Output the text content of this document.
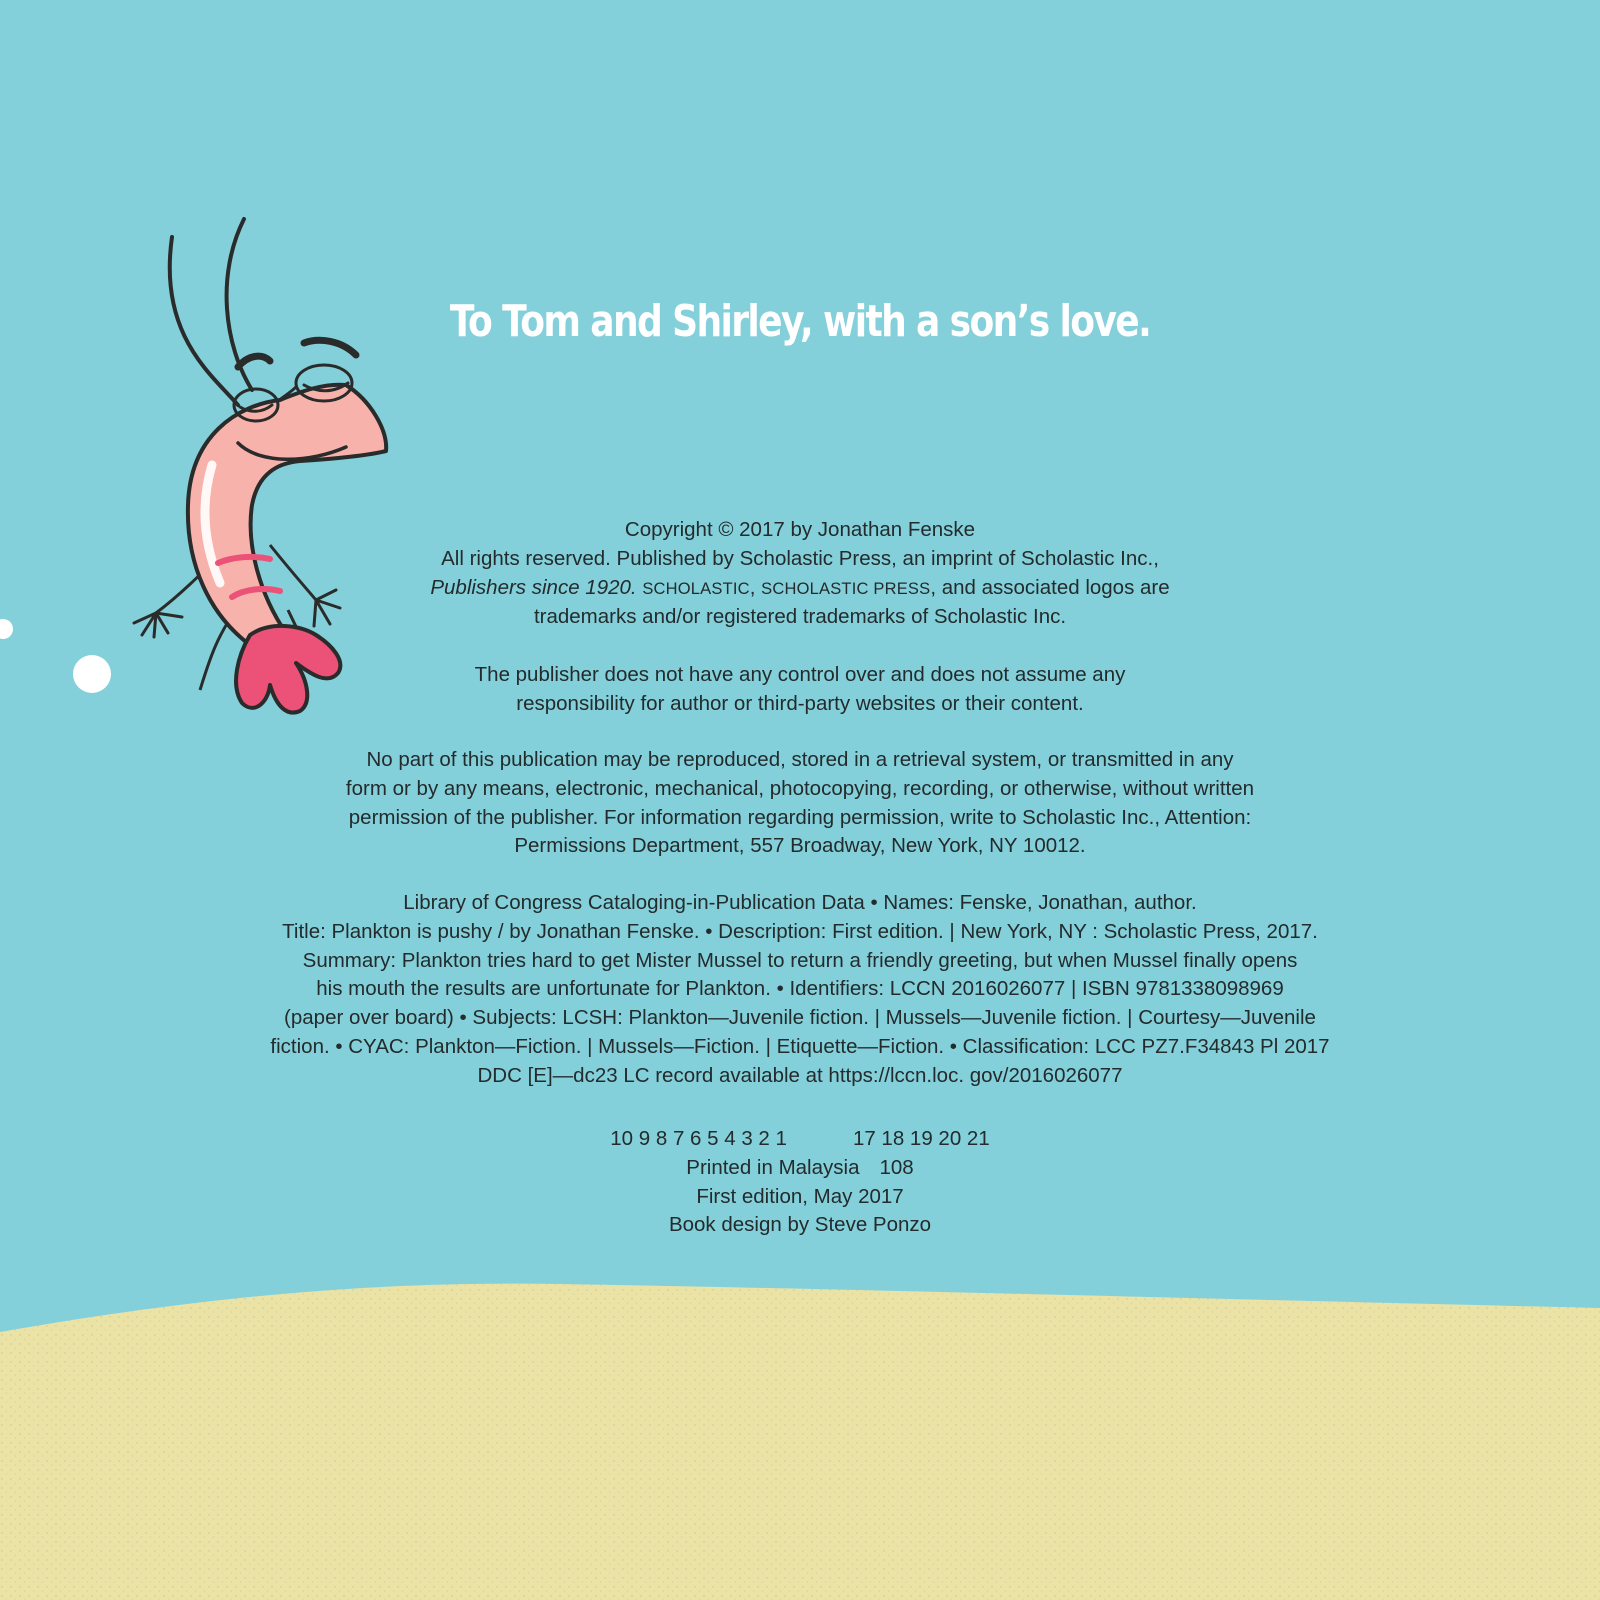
To Tom and Shirley, with a son’s love.

Copyright © 2017 by Jonathan Fenske

All rights reserved. Published by Scholastic Press, an imprint of Scholastic Inc.,

Publishers since 1920. SCHOLASTIC, SCHOLASTIC PRESS, and associated logos are

trademarks and/or registered trademarks of Scholastic Inc.

The publisher does not have any control over and does not assume any

responsibility for author or third-party websites or their content.

No part of this publication may be reproduced, stored in a retrieval system, or transmitted in any

form or by any means, electronic, mechanical, photocopying, recording, or otherwise, without written

permission of the publisher. For information regarding permission, write to Scholastic Inc., Attention:

Permissions Department, 557 Broadway, New York, NY 10012.

Library of Congress Cataloging-in-Publication Data • Names: Fenske, Jonathan, author.

Title: Plankton is pushy / by Jonathan Fenske. • Description: First edition. | New York, NY : Scholastic Press, 2017.

Summary: Plankton tries hard to get Mister Mussel to return a friendly greeting, but when Mussel finally opens

his mouth the results are unfortunate for Plankton. • Identifiers: LCCN 2016026077 | ISBN 9781338098969

(paper over board) • Subjects: LCSH: Plankton—Juvenile fiction. | Mussels—Juvenile fiction. | Courtesy—Juvenile

fiction. • CYAC: Plankton—Fiction. | Mussels—Fiction. | Etiquette—Fiction. • Classification: LCC PZ7.F34843 Pl 2017

DDC [E]—dc23 LC record available at https://lccn.loc. gov/2016026077

10 9 8 7 6 5 4 3 2 1	17 18 19 20 21

Printed in Malaysia 108

First edition, May 2017

Book design by Steve Ponzo
